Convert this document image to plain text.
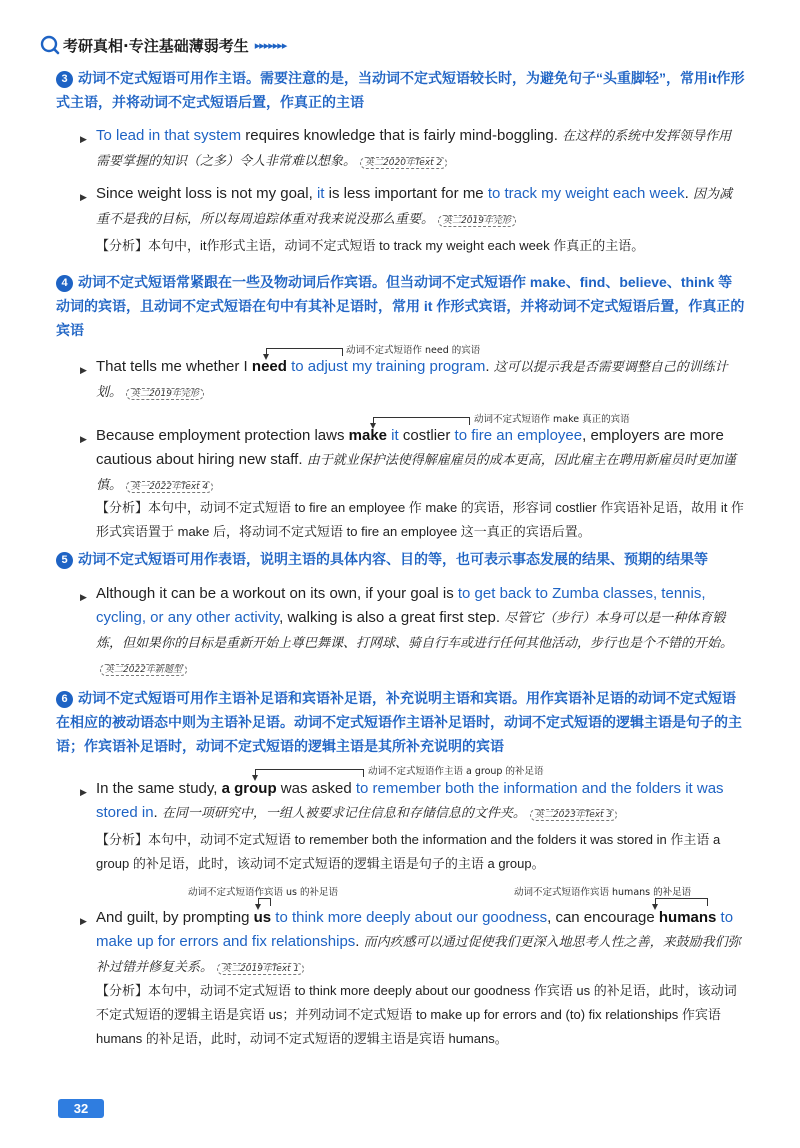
考研真相·专注基础薄弱考生 ▸▸▸▸▸▸▸
3 动词不定式短语可用作主语。需要注意的是，当动词不定式短语较长时，为避免句子“头重脚轻”，常用it作形式主语，并将动词不定式短语后置，作真正的主语
▶ To lead in that system requires knowledge that is fairly mind-boggling. 在这样的系统中发挥领导作用需要掌握的知识（之多）令人非常难以想象。 英二2020年Text 2
▶ Since weight loss is not my goal, it is less important for me to track my weight each week. 因为减重不是我的目标，所以每周追踪体重对我来说没那么重要。 英二2019年完形
【分析】本句中，it作形式主语，动词不定式短语 to track my weight each week 作真正的主语。
4 动词不定式短语常紧跟在一些及物动词后作宾语。但当动词不定式短语作 make、find、believe、think 等动词的宾语，且动词不定式短语在句中有其补足语时，常用 it 作形式宾语，并将动词不定式短语后置，作真正的宾语
动词不定式短语作 need 的宾语
▶ That tells me whether I need to adjust my training program. 这可以提示我是否需要调整自己的训练计划。 英二2019年完形
动词不定式短语作 make 真正的宾语
▶ Because employment protection laws make it costlier to fire an employee, employers are more cautious about hiring new staff. 由于就业保护法使得解雇雇员的成本更高，因此雇主在聘用新雇员时更加谨慎。 英一2022年Text 4
【分析】本句中，动词不定式短语 to fire an employee 作 make 的宾语，形容词 costlier 作宾语补足语，故用 it 作形式宾语置于 make 后，将动词不定式短语 to fire an employee 这一真正的宾语后置。
5 动词不定式短语可用作表语，说明主语的具体内容、目的等，也可表示事态发展的结果、预期的结果等
▶ Although it can be a workout on its own, if your goal is to get back to Zumba classes, tennis, cycling, or any other activity, walking is also a great first step. 尽管它（步行）本身可以是一种体育锻炼，但如果你的目标是重新开始上尊巴舞课、打网球、骑自行车或进行任何其他活动，步行也是个不错的开始。英二2022年新题型
6 动词不定式短语可用作主语补足语和宾语补足语，补充说明主语和宾语。用作宾语补足语的动词不定式短语在相应的被动语态中则为主语补足语。动词不定式短语作主语补足语时，动词不定式短语的逻辑主语是句子的主语；作宾语补足语时，动词不定式短语的逻辑主语是其所补充说明的宾语
动词不定式短语作主语 a group 的补足语
▶ In the same study, a group was asked to remember both the information and the folders it was stored in. 在同一项研究中，一组人被要求记住信息和存储信息的文件夹。 英二2023年Text 3
【分析】本句中，动词不定式短语 to remember both the information and the folders it was stored in 作主语 a group 的补足语，此时，该动词不定式短语的逻辑主语是句子的主语 a group。
动词不定式短语作宾语 us 的补足语	动词不定式短语作宾语 humans 的补足语
▶ And guilt, by prompting us to think more deeply about our goodness, can encourage humans to make up for errors and fix relationships. 而内疚感可以通过促使我们更深入地思考人性之善，来鼓励我们弥补过错并修复关系。 英二2019年Text 1
【分析】本句中，动词不定式短语 to think more deeply about our goodness 作宾语 us 的补足语，此时，该动词不定式短语的逻辑主语是宾语 us；并列动词不定式短语 to make up for errors and (to) fix relationships 作宾语 humans 的补足语，此时，动词不定式短语的逻辑主语是宾语 humans。
32
